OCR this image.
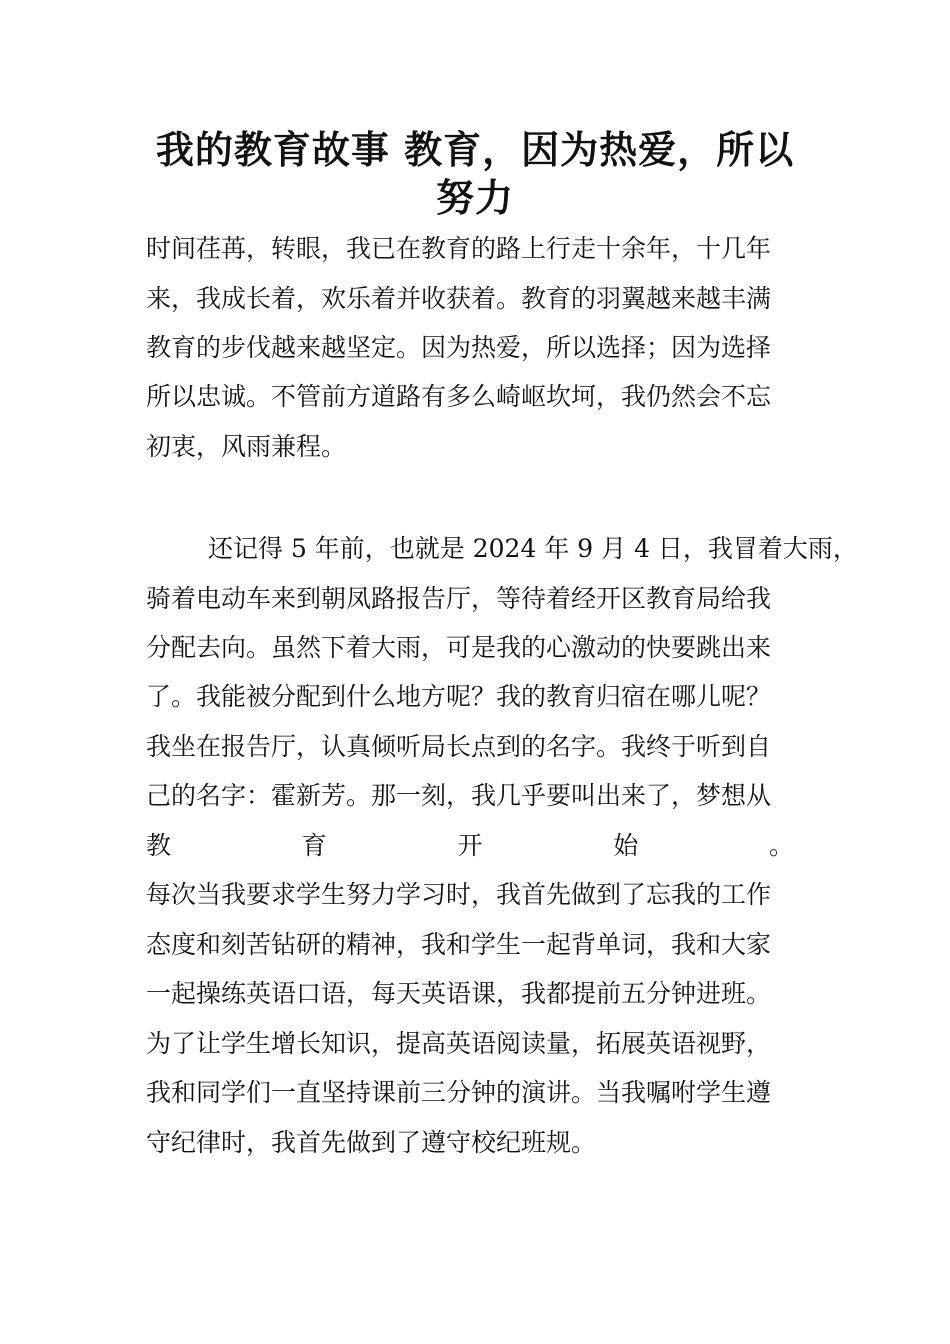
我的教育故事 教育，因为热爱，所以
努力
时间荏苒，转眼，我已在教育的路上行走十余年，十几年
来，我成长着，欢乐着并收获着。教育的羽翼越来越丰满
教育的步伐越来越坚定。因为热爱，所以选择；因为选择
所以忠诚。不管前方道路有多么崎岖坎坷，我仍然会不忘
初衷，风雨兼程。
还记得 5 年前，也就是 2024 年 9 月 4 日，我冒着大雨，
骑着电动车来到朝凤路报告厅，等待着经开区教育局给我
分配去向。虽然下着大雨，可是我的心激动的快要跳出来
了。我能被分配到什么地方呢？我的教育归宿在哪儿呢？
我坐在报告厅，认真倾听局长点到的名字。我终于听到自
己的名字：霍新芳。那一刻，我几乎要叫出来了，梦想从
教	育	开	始	。
每次当我要求学生努力学习时，我首先做到了忘我的工作
态度和刻苦钻研的精神，我和学生一起背单词，我和大家
一起操练英语口语，每天英语课，我都提前五分钟进班。
为了让学生增长知识，提高英语阅读量，拓展英语视野，
我和同学们一直坚持课前三分钟的演讲。当我嘱咐学生遵
守纪律时，我首先做到了遵守校纪班规。
